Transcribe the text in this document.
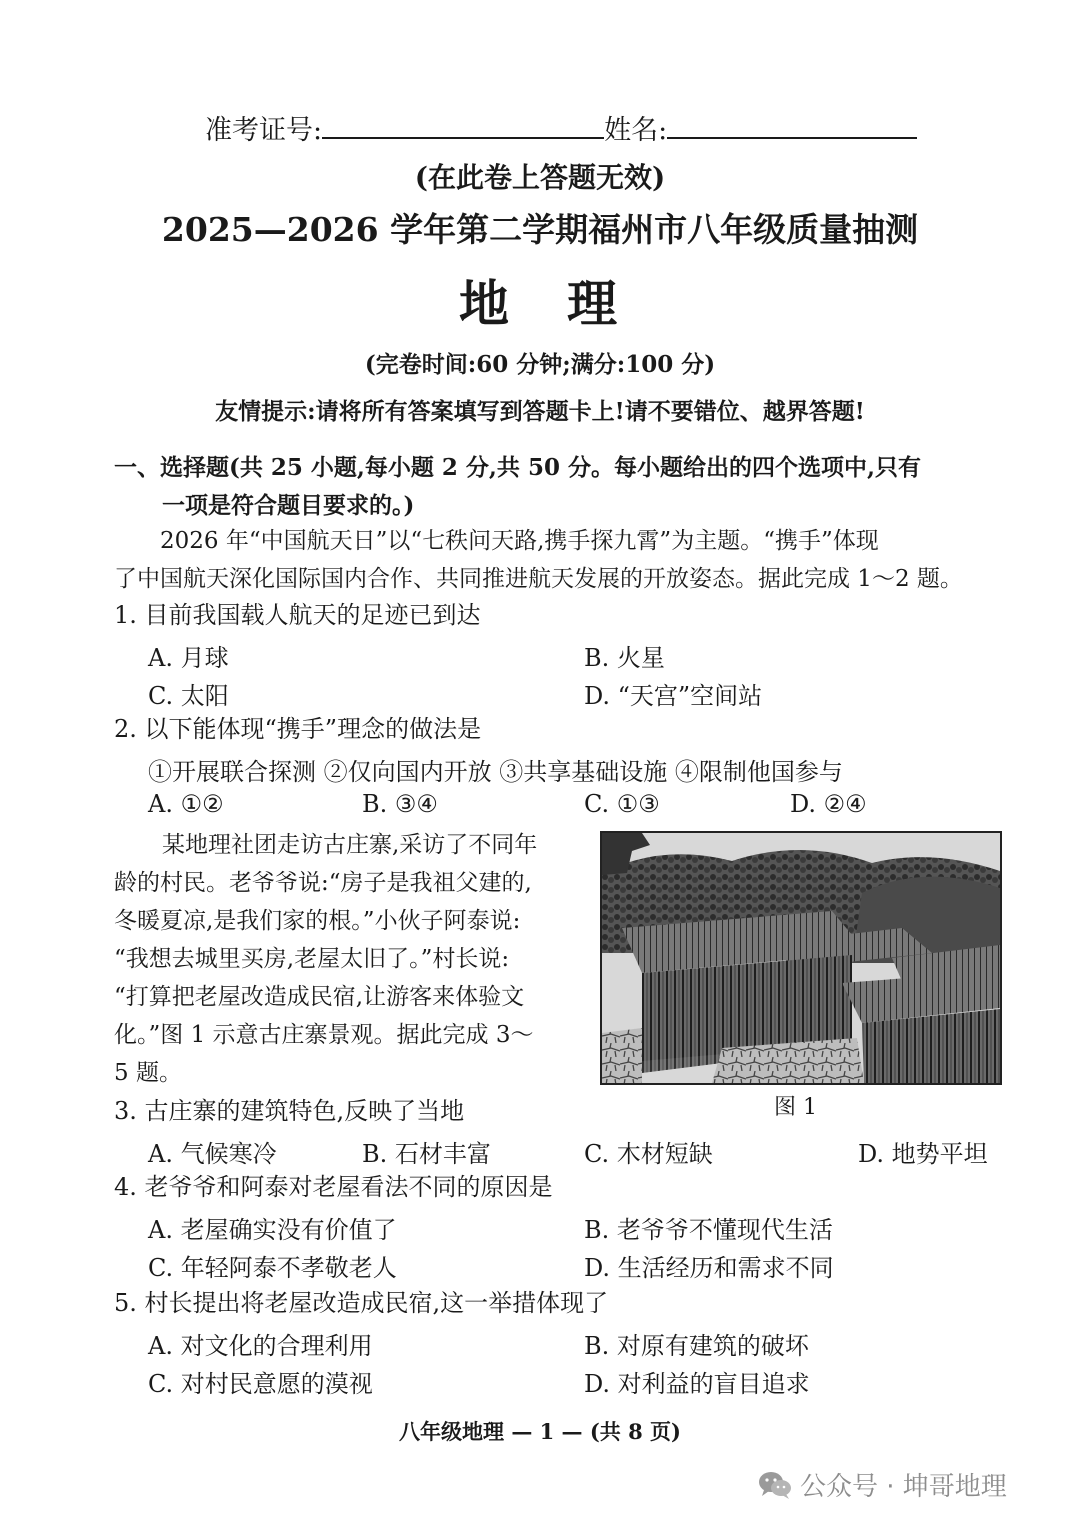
准考证号:	姓名:
(在此卷上答题无效)
2025—2026 学年第二学期福州市八年级质量抽测
地　理
(完卷时间:60 分钟;满分:100 分)
友情提示:请将所有答案填写到答题卡上!请不要错位、越界答题!
一、选择题(共 25 小题,每小题 2 分,共 50 分。每小题给出的四个选项中,只有
一项是符合题目要求的。)
2026 年“中国航天日”以“七秩问天路,携手探九霄”为主题。“携手”体现
了中国航天深化国际国内合作、共同推进航天发展的开放姿态。据此完成 1～2 题。
1. 目前我国载人航天的足迹已到达
A. 月球	B. 火星
C. 太阳	D. “天宫”空间站
2. 以下能体现“携手”理念的做法是
①开展联合探测 ②仅向国内开放 ③共享基础设施 ④限制他国参与
A. ①②	B. ③④	C. ①③	D. ②④
某地理社团走访古庄寨,采访了不同年
龄的村民。老爷爷说:“房子是我祖父建的,
冬暖夏凉,是我们家的根。”小伙子阿泰说:
“我想去城里买房,老屋太旧了。”村长说:
“打算把老屋改造成民宿,让游客来体验文
化。”图 1 示意古庄寨景观。据此完成 3～
5 题。
图 1
3. 古庄寨的建筑特色,反映了当地
A. 气候寒冷	B. 石材丰富	C. 木材短缺	D. 地势平坦
4. 老爷爷和阿泰对老屋看法不同的原因是
A. 老屋确实没有价值了	B. 老爷爷不懂现代生活
C. 年轻阿泰不孝敬老人	D. 生活经历和需求不同
5. 村长提出将老屋改造成民宿,这一举措体现了
A. 对文化的合理利用	B. 对原有建筑的破坏
C. 对村民意愿的漠视	D. 对利益的盲目追求
八年级地理 — 1 — (共 8 页)
公众号 · 坤哥地理
